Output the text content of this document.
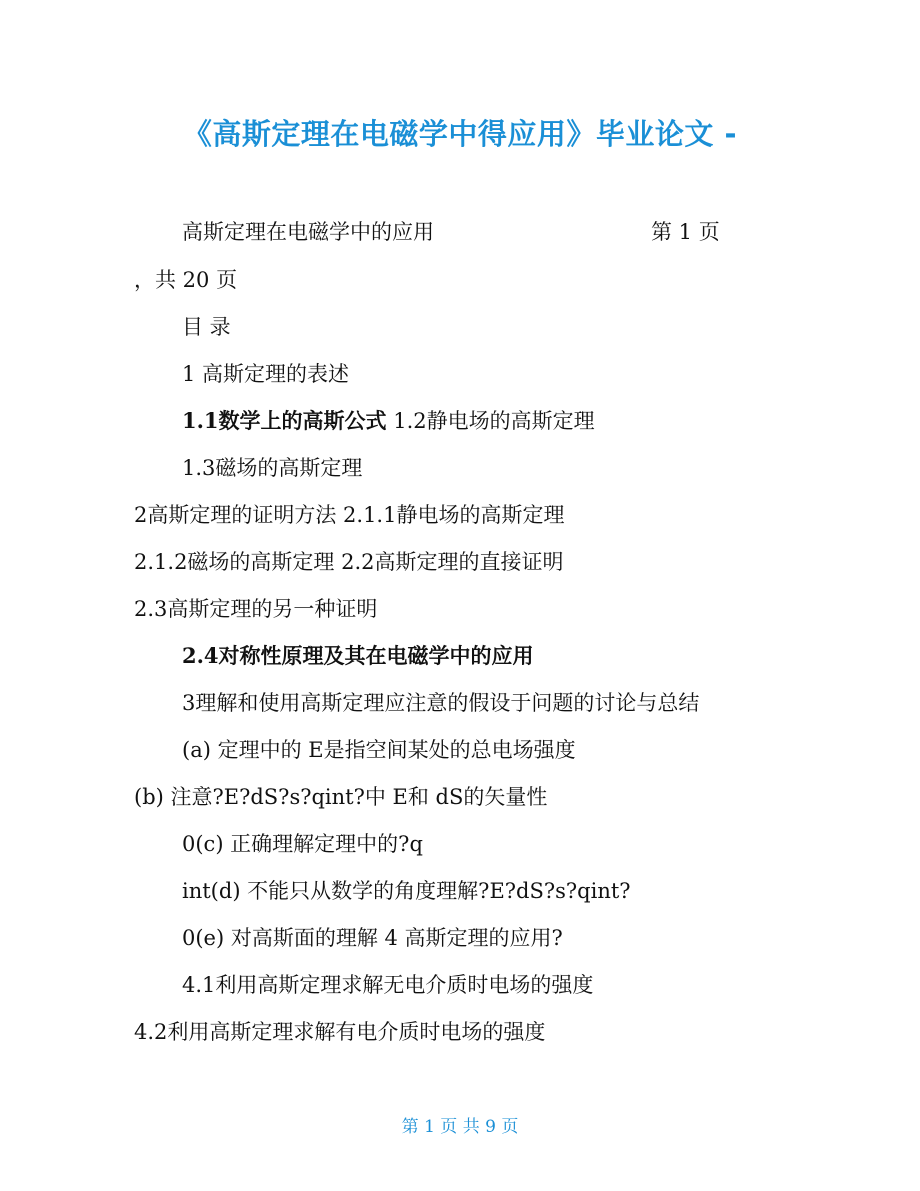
《高斯定理在电磁学中得应用》毕业论文 -
高斯定理在电磁学中的应用	第 1 页
，共 20 页
目 录
1 高斯定理的表述
1.1数学上的高斯公式 1.2静电场的高斯定理
1.3磁场的高斯定理
2高斯定理的证明方法 2.1.1静电场的高斯定理
2.1.2磁场的高斯定理 2.2高斯定理的直接证明
2.3高斯定理的另一种证明
2.4对称性原理及其在电磁学中的应用
3理解和使用高斯定理应注意的假设于问题的讨论与总结
(a) 定理中的 E是指空间某处的总电场强度
(b) 注意?E?dS?s?qint?中 E和 dS的矢量性
0(c) 正确理解定理中的?q
int(d) 不能只从数学的角度理解?E?dS?s?qint?
0(e) 对高斯面的理解 4 高斯定理的应用?
4.1利用高斯定理求解无电介质时电场的强度
4.2利用高斯定理求解有电介质时电场的强度
第 1 页 共 9 页
